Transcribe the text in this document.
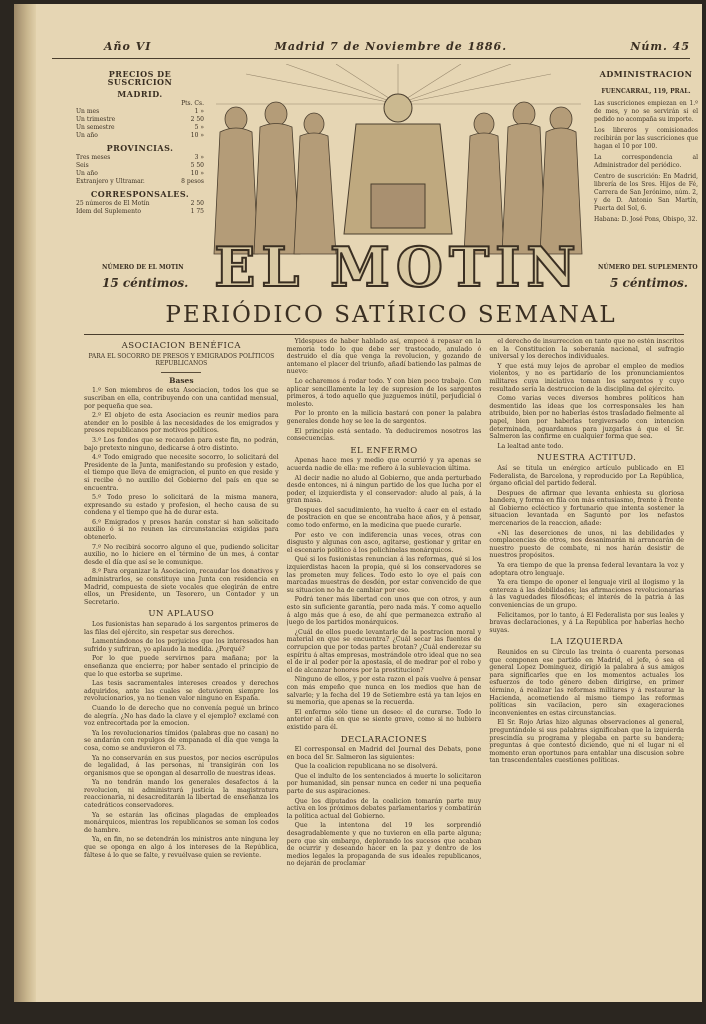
Año VI	Madrid 7 de Noviembre de 1886.	Núm. 45
PRECIOS DE SUSCRICION
MADRID.
Pts. Cs.
Un mes	1 »
Un trimestre	2 50
Un semestre	5 »
Un año	10 »
PROVINCIAS.
Tres meses	3 »
Seis	5 50
Un año	10 »
Extranjero y Ultramar.	8 pesos
CORRESPONSALES.
25 números de El Motín	2 50
Idem del Suplemento	1 75
EL MOTIN
ADMINISTRACION
FUENCARRAL, 119, PRAL.

Las suscriciones empiezan en 1.º de mes, y no se servirán si el pedido no acompaña su importe.

Los libreros y comisionados recibirán por las suscriciones que hagan el 10 por 100.

La correspondencia al Administrador del periódico.

Centro de suscrición: En Madrid, librería de los Sres. Hijos de Fé, Carrera de San Jerónimo, núm. 2, y de D. Antonio San Martín, Puerta del Sol, 6.

Habana: D. José Pons, Obispo, 32.

NÚMERO DE EL MOTIN
15 céntimos.
NÚMERO DEL SUPLEMENTO
5 céntimos.
PERIÓDICO SATÍRICO SEMANAL
ASOCIACION BENÉFICA
PARA EL SOCORRO DE PRESOS Y EMIGRADOS POLÍTICOS REPUBLICANOS
Bases

1.º Son miembros de esta Asociacion, todos los que se suscriban en ella, contribuyendo con una cantidad mensual, por pequeña que sea.

2.º El objeto de esta Asociacion es reunir medios para atender en lo posible á las necesidades de los emigrados y presos republicanos por motivos políticos.

3.º Los fondos que se recauden para este fin, no podrán, bajo pretexto ninguno, dedicarse á otro distinto.

4.º Todo emigrado que necesite socorro, lo solicitará del Presidente de la Junta, manifestando su profesion y estado, el tiempo que lleva de emigracion, el punto en que reside y si recibe ó no auxilio del Gobierno del país en que se encuentra.

5.º Todo preso lo solicitará de la misma manera, expresando su estado y profesion, el hecho causa de su condena y el tiempo que ha de durar esta.

6.º Emigrados y presos harán constar si han solicitado auxilio ó si no reunen las circunstancias exigidas para obtenerlo.

7.º No recibirá socorro alguno el que, pudiendo solicitar auxilio, no lo hiciere en el término de un mes, á contar desde el día que así se le comunique.

8.º Para organizar la Asociacion, recaudar los donativos y administrarlos, se constituye una Junta con residencia en Madrid, compuesta de siete vocales que elegirán de entre ellos, un Presidente, un Tesorero, un Contador y un Secretario.

UN APLAUSO

Los fusionistas han separado á los sargentos primeros de las filas del ejército, sin respetar sus derechos.

Lamentándonos de los perjuicios que los interesados han sufrido y sufriran, yo aplaudo la medida. ¿Porqué?

Por lo que puede servirnos para mañana; por la enseñanza que encierra; por haber sentado el principio de que lo que estorba se suprime.

Las tesis sacramentales intereses creados y derechos adquiridos, ante las cuales se detuvieron siempre los revolucionarios, ya no tienen valor ninguno en España.

Cuando lo de derecho que no convenía pegué un brinco de alegría. ¿No has dado la clave y el ejemplo? exclamé con voz entrecortada por la emocion.

Ya los revolucionarios tímidos (palabras que no casan) no se andarán con repulgos de empanada el día que venga la cosa, como se anduvieron el 73.

Ya no conservarán en sus puestos, por necios escrúpulos de legalidad, á las personas, ni transigirán con los organismos que se opongan al desarrollo de nuestras ideas.

Ya no tendrán mando los generales desafectos á la revolucion, ni administrará justicia la magistratura reaccionaria, ni desacreditarán la libertad de enseñanza los catedráticos conservadores.

Ya se estarán las oficinas plagadas de empleados monárquicos, mientras los republicanos se soman los codos de hambre.

Ya, en fin, no se detendrán los ministros ante ninguna ley que se oponga en algo á los intereses de la República, fáltese á lo que se falte, y revuélvase quien se reviente.

Yldespues de haber hablado así, empecé á repasar en la memoria todo lo que debe ser trastocado, anulado ó destruido el día que venga la revolucion, y gozando de antemano el placer del triunfo, añadí batiendo las palmas de nuevo:

Lo echaremos á rodar todo. Y con bien poco trabajo. Con aplicar sencillamente la ley de supresion de los sargentos primeros, á todo aquello que juzguemos inútil, perjudicial ó molesto.

Por lo pronto en la milicia bastará con poner la palabra generales donde hoy se lee la de sargentos.

El principio está sentado. Ya deduciremos nosotros las consecuencias.

EL ENFERMO

Apenas hace mes y medio que ocurrió y ya apenas se acuerda nadie de ella: me refiero á la sublevacion última.

Al decir nadie no aludo al Gobierno, que anda perturbado desde entonces, ni á ningun partido de los que lucha por el poder, el izquierdista y el conservador: aludo al país, á la gran masa.

Despues del sacudimiento, ha vuelto á caer en el estado de postracion en que se encontraba hace años, y á pensar, como todo enfermo, en la medicina que puede curarle.

Por esto ve con indiferencia unas veces, otras con disgusto y algunas con asco, agitarse, gestionar y gritar en el escenario político á los polichinelas monárquicos.

Qué si los fusionistas renuncian á las reformas, qué si los izquierdistas hacen la propia, qué si los conservadores se las prometen muy felices. Todo esto lo oye el país con marcadas muestras de desdén, por estar convencido de que su situacion no ha de cambiar por eso.

Podrá tener más libertad con unos que con otros, y aun esto sin suficiente garantía, pero nada más. Y como aquello á algo más que á eso, de ahí que permanezca extraño al juego de los partidos monárquicos.

¿Cuál de ellos puede levantarle de la postracion moral y material en que se encuentra? ¿Cuál secar las fuentes de corrupcion que por todas partes brotan? ¿Cuál enderezar su espíritu á altas empresas, mostrándole otro ideal que no sea el de ir al poder por la apostasía, el de medrar por el robo y el de alcanzar honores por la prostitucion?

Ninguno de ellos, y por esta razon el país vuelve á pensar con más empeño que nunca en los medios que han de salvarle; y la fecha del 19 de Setiembre está ya tan lejos en su memoria, que apenas se la recuerda.

El enfermo sólo tiene un deseo: el de curarse. Todo lo anterior al día en que se siente grave, como si no hubiera existido para él.

DECLARACIONES

El corresponsal en Madrid del Journal des Debats, pone en boca del Sr. Salmeron las siguientes:

Que la coalicion republicana no se disolverá.

Que el indulto de los sentenciados á muerte lo solicitaron por humanidad, sin pensar nunca en ceder ni una pequeña parte de sus aspiraciones.

Que los diputados de la coalicion tomarán parte muy activa en los próximos debates parlamentarios y combatirán la política actual del Gobierno.

Que la intentona del 19 les sorprendió desagradablemente y que no tuvieron en ella parte alguna; pero que sin embargo, deplorando los sucesos que acaban de ocurrir y deseando hacer en la paz y dentro de los medios legales la propaganda de sus ideales republicanos, no dejarán de proclamar

el derecho de insurreccion en tanto que no estén inscritos en la Constitucion la soberanía nacional, el sufragio universal y los derechos individuales.

Y que está muy lejos de aprobar el empleo de medios violentos, y no es partidario de los pronunciamientos militares cuya iniciativa toman los sargentos y cuyo resultado sería la destruccion de la disciplina del ejército.

Como varias veces diversos hombres políticos han desmentido las ideas que los corresponsales les han atribuido, bien por no haberlas éstos trasladado fielmente al papel, bien por haberlas tergiversado con intencion determinada, aguardamos para juzgarlas á que el Sr. Salmeron las confirme en cualquier forma que sea.

La lealtad ante todo.

NUESTRA ACTITUD.

Así se titula un enérgico artículo publicado en El Federalista, de Barcelona, y reproducido por La República, órgano oficial del partido federal.

Despues de afirmar que levanta enhiesta su gloriosa bandera, y forma en fila con más entusiasmo, frente á frente al Gobierno ecléctico y fortunario que intenta sostener la situacion levantada en Sagunto por los nefastos mercenarios de la reaccion, añade:

«Ni las deserciones de unos, ni las debilidades y complacencias de otros, nos desanimarán ni arrancarán de nuestro puesto de combate, ni nos harán desistir de nuestros propósitos.

Ya era tiempo de que la prensa federal levantara la voz y adoptara otro lenguaje.

Ya era tiempo de oponer el lenguaje viril al ilogismo y la entereza á las debilidades; las afirmaciones revolucionarias á las vaguedades filosóficas; el interés de la patria á las conveniencias de un grupo.

Felicitamos, por lo tanto, á El Federalista por sus leales y bravas declaraciones, y á La República por haberlas hecho suyas.

LA IZQUIERDA

Reunidos en su Círculo las treinta ó cuarenta personas que componen ese partido en Madrid, el jefe, ó sea el general Lopez Dominguez, dirigió la palabra á sus amigos para significarles que en los momentos actuales los esfuerzos de todo género deben dirigirse, en primer término, á realizar las reformas militares y á restaurar la Hacienda, acometiendo al mismo tiempo las reformas políticas sin vacilacion, pero sin exageraciones inconvenientes en estas circunstancias.

El Sr. Rojo Arias hizo algunas observaciones al general, preguntándole si sus palabras significaban que la izquierda prescindía su programa y plegaba en parte su bandera; preguntas á que contestó diciendo, que ni el lugar ni el momento eran oportunos para entablar una discusion sobre tan trascendentales cuestiones políticas.
